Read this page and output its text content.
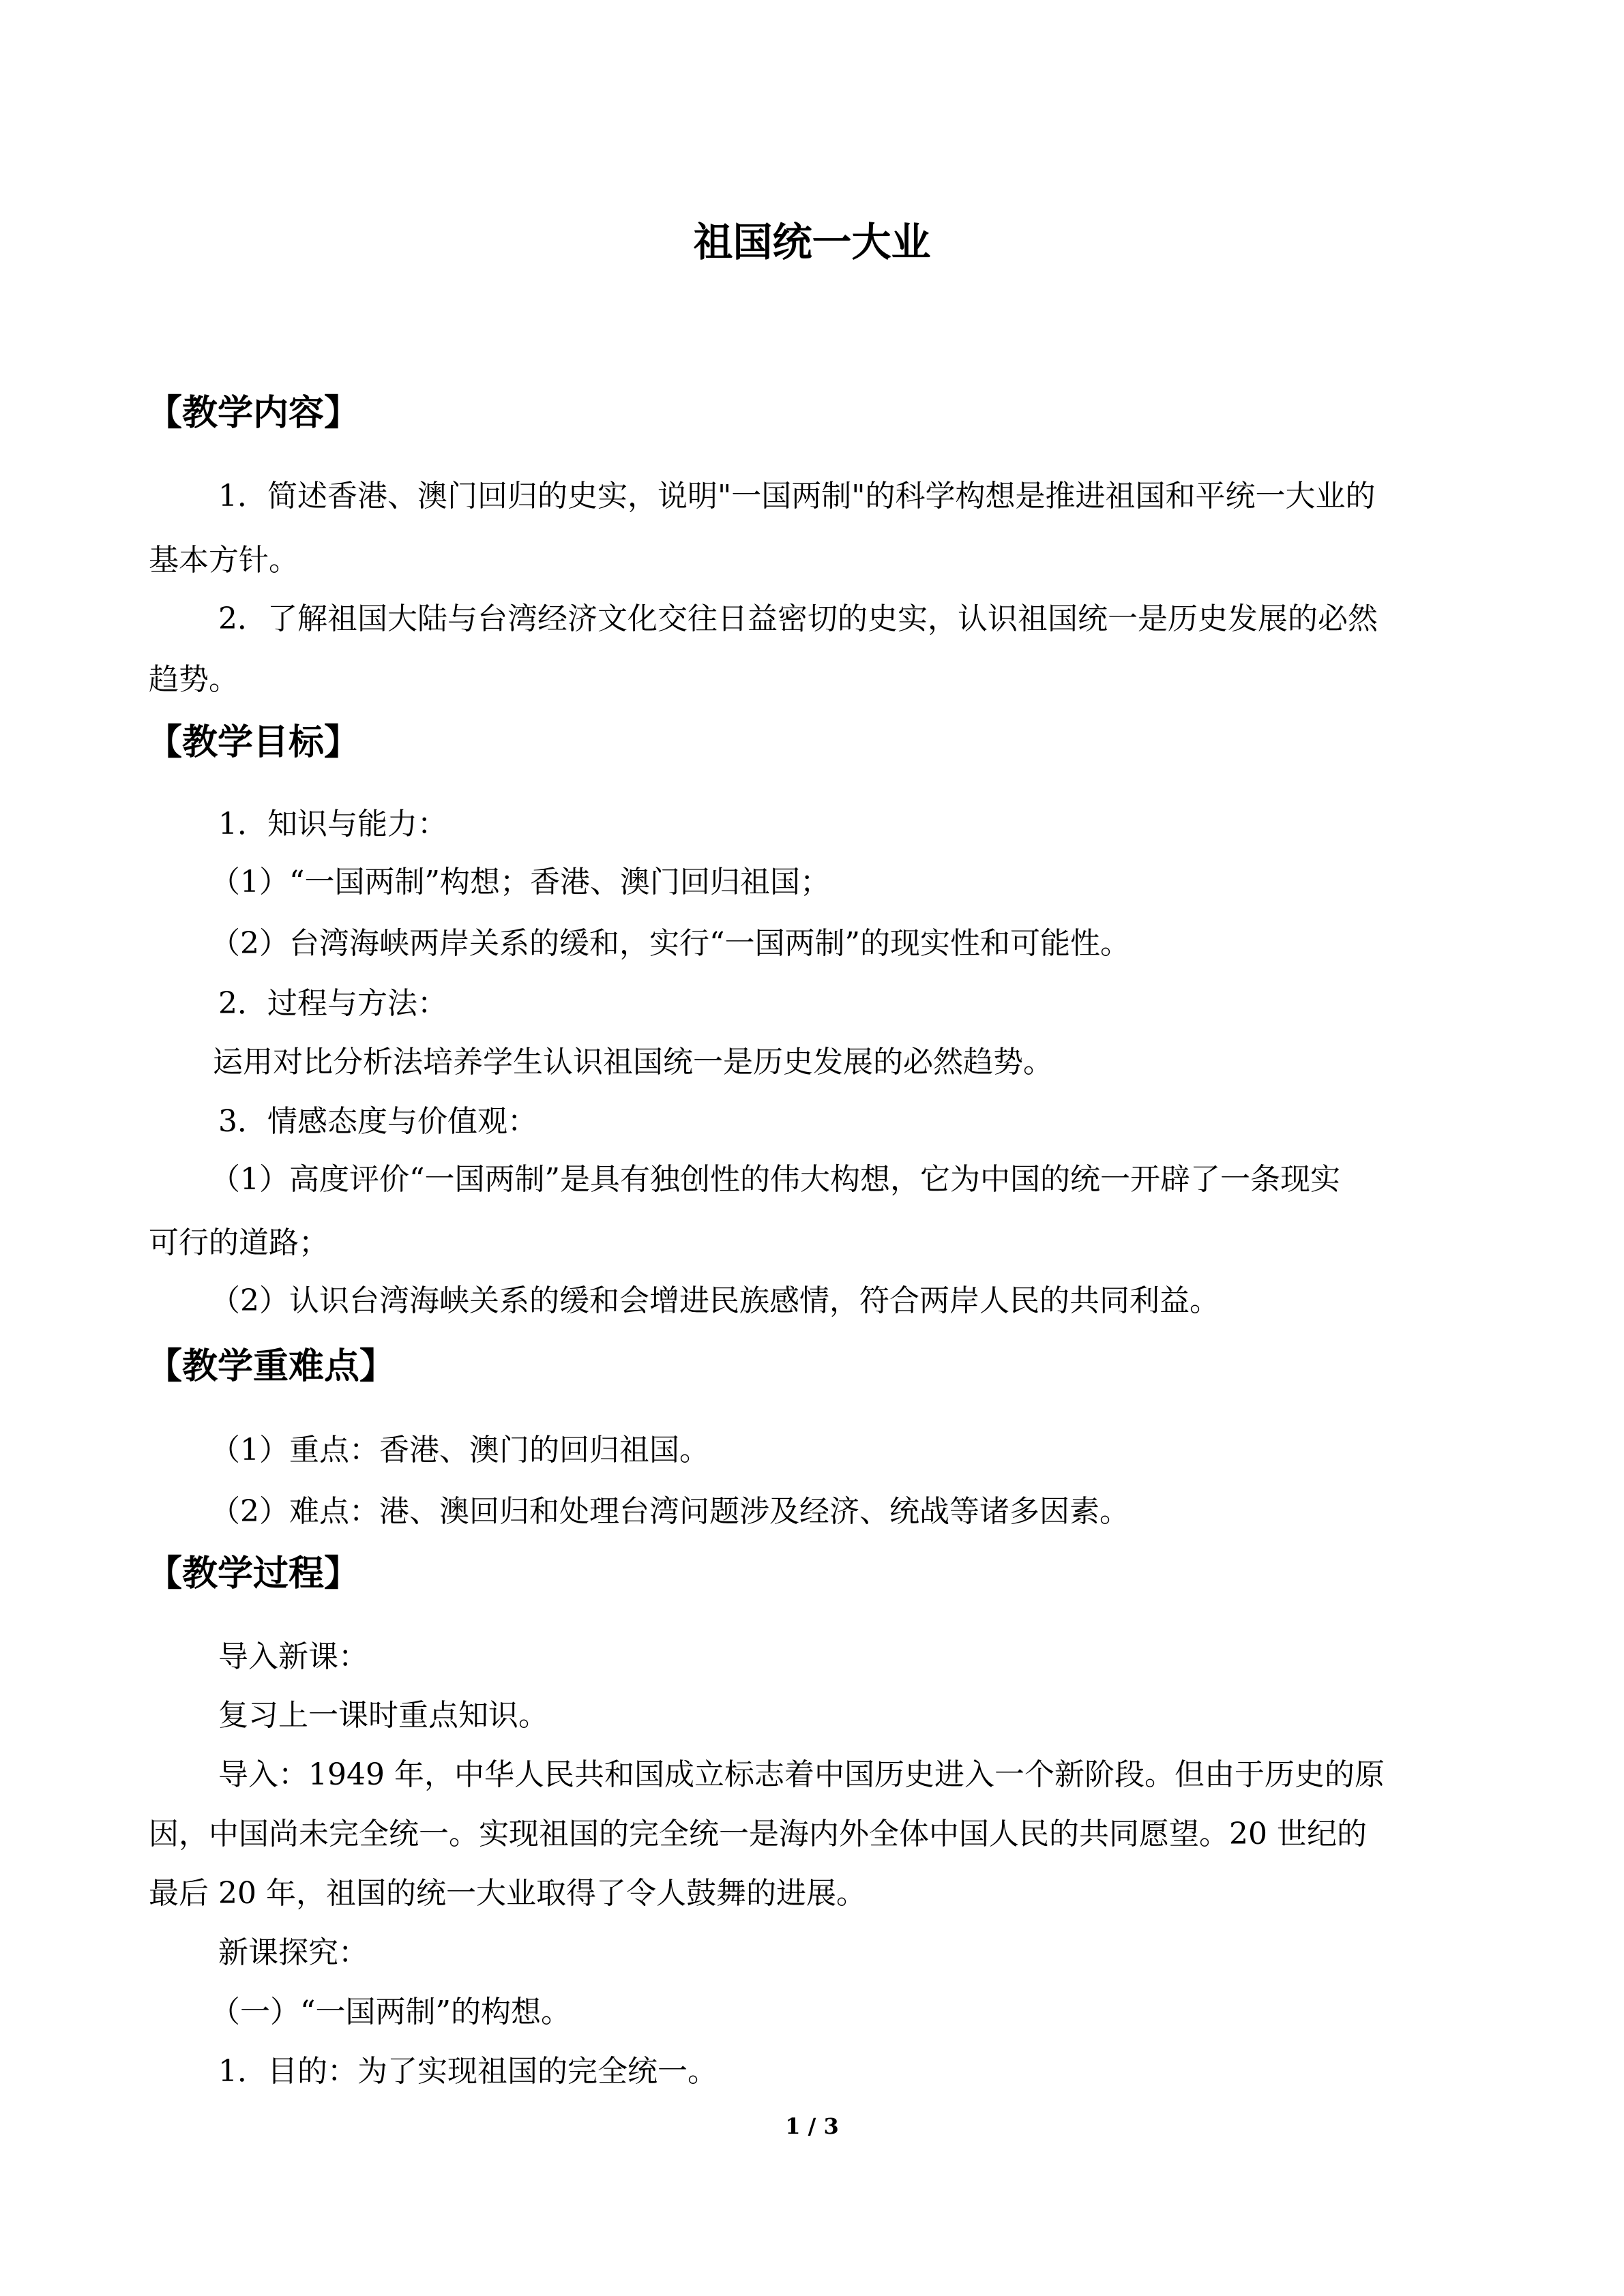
祖国统一大业
【教学内容】

1．简述香港、澳门回归的史实，说明"一国两制"的科学构想是推进祖国和平统一大业的

基本方针。

2．了解祖国大陆与台湾经济文化交往日益密切的史实，认识祖国统一是历史发展的必然

趋势。

【教学目标】

1．知识与能力：

（1）“一国两制”构想；香港、澳门回归祖国；

（2）台湾海峡两岸关系的缓和，实行“一国两制”的现实性和可能性。

2．过程与方法：

运用对比分析法培养学生认识祖国统一是历史发展的必然趋势。

3．情感态度与价值观：

（1）高度评价“一国两制”是具有独创性的伟大构想，它为中国的统一开辟了一条现实

可行的道路；

（2）认识台湾海峡关系的缓和会增进民族感情，符合两岸人民的共同利益。

【教学重难点】

（1）重点：香港、澳门的回归祖国。

（2）难点：港、澳回归和处理台湾问题涉及经济、统战等诸多因素。

【教学过程】

导入新课：

复习上一课时重点知识。

导入：1949 年，中华人民共和国成立标志着中国历史进入一个新阶段。但由于历史的原

因，中国尚未完全统一。实现祖国的完全统一是海内外全体中国人民的共同愿望。20 世纪的

最后 20 年，祖国的统一大业取得了令人鼓舞的进展。

新课探究：

（一）“一国两制”的构想。

1．目的：为了实现祖国的完全统一。

1 / 3
